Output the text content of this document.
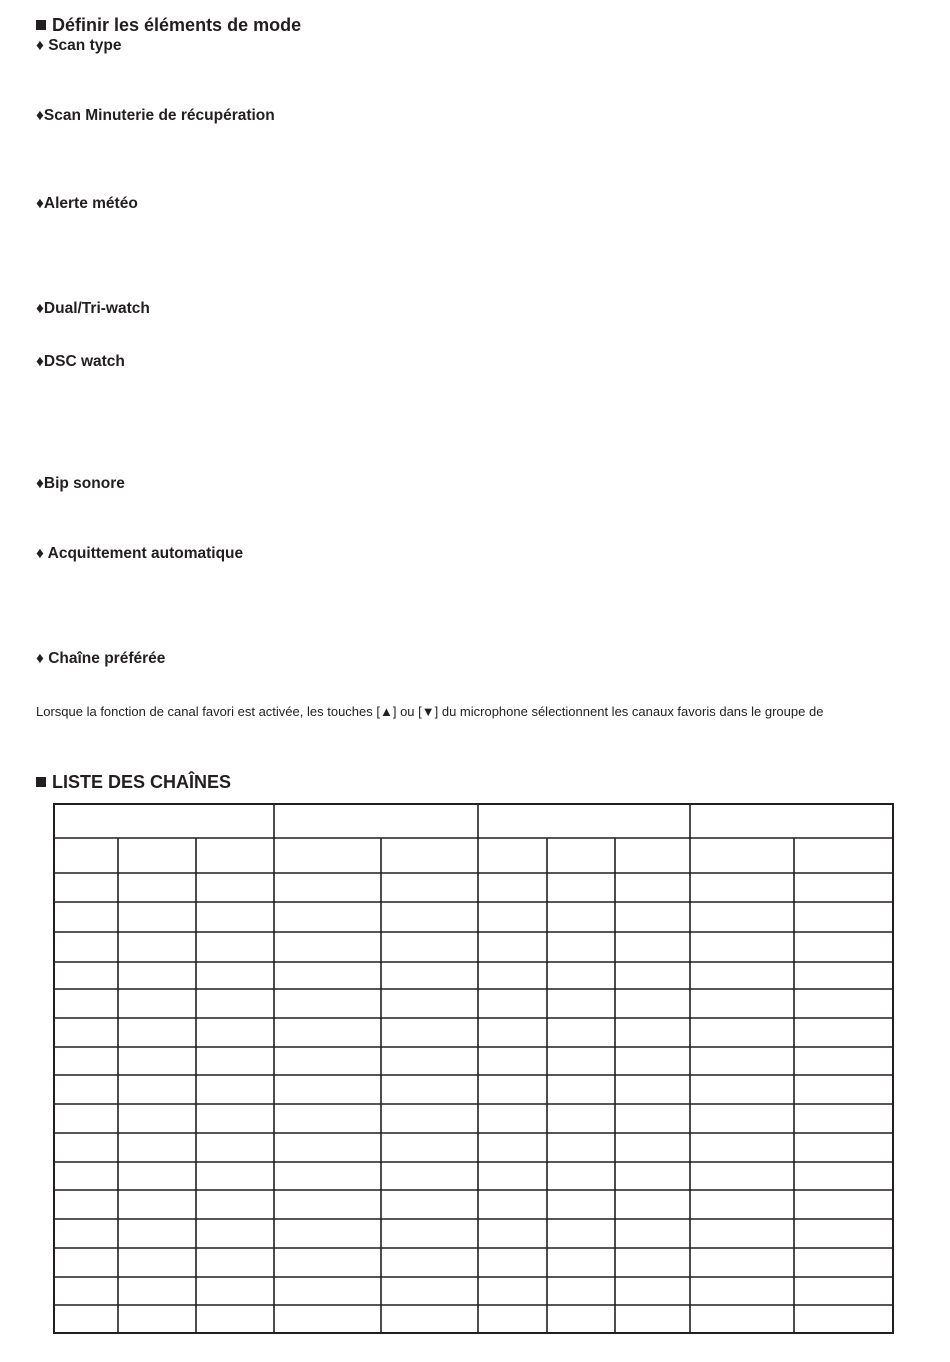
Définir les éléments de mode
♦ Scan type
♦Scan Minuterie de récupération
♦Alerte météo
♦Dual/Tri-watch
♦DSC watch
♦Bip sonore
♦ Acquittement automatique
♦ Chaîne préférée
Lorsque la fonction de canal favori est activée, les touches [▲] ou [▼] du microphone sélectionnent les canaux favoris dans le groupe de
LISTE DES CHAÎNES
